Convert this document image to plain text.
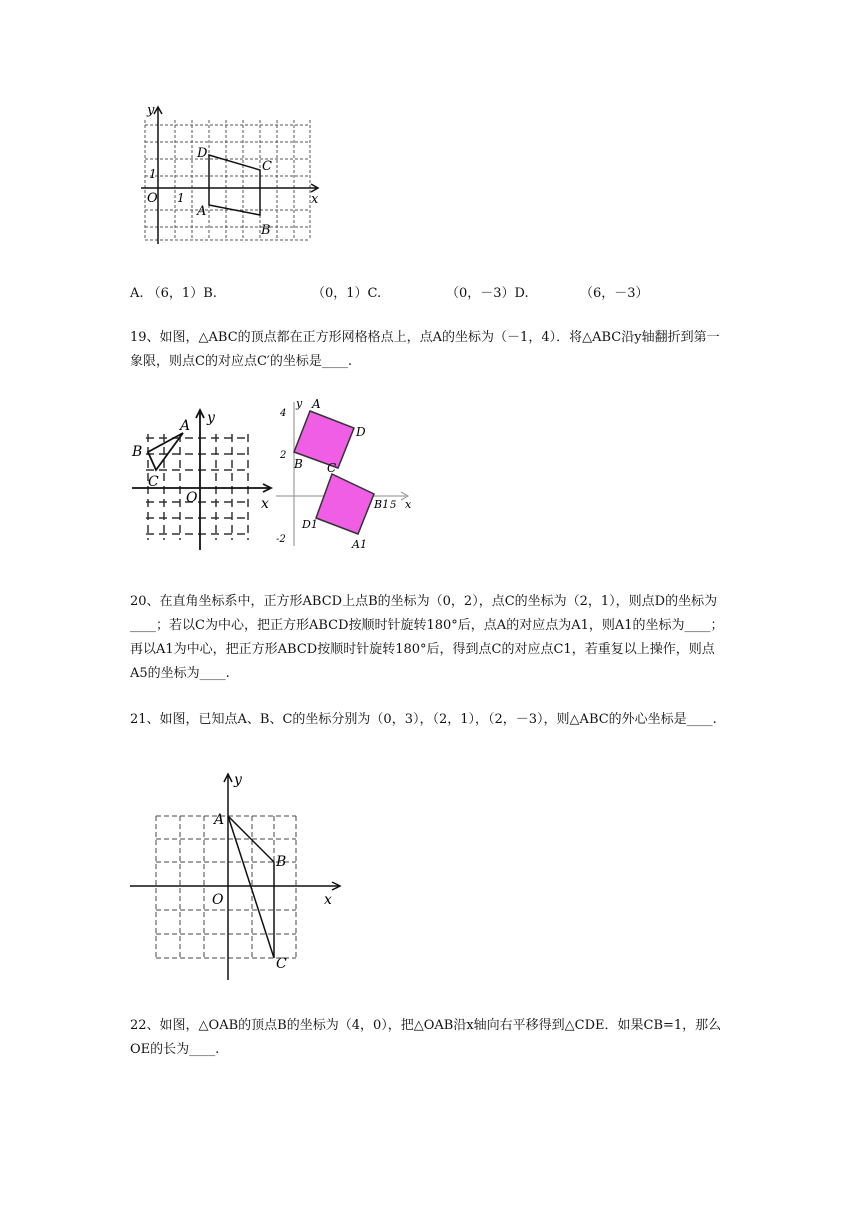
y
x
O
1
1
A
B
C
D
A. （6，1）B.	（0，1）C.	（0，－3）D.	（6，－3）
19、如图，△ABC的顶点都在正方形网格格点上，点A的坐标为（－1，4）．将△ABC沿y轴翻折到第一象限，则点C的对应点C′的坐标是____.
y
x
O
A
B
C
y
x
4
2
-2
5
A
D
B C
B1
D1
A1
20、在直角坐标系中，正方形ABCD上点B的坐标为（0，2），点C的坐标为（2，1），则点D的坐标为____；若以C为中心，把正方形ABCD按顺时针旋转180°后，点A的对应点为A1，则A1的坐标为____；再以A1为中心，把正方形ABCD按顺时针旋转180°后，得到点C的对应点C1，若重复以上操作，则点A5的坐标为____.
21、如图，已知点A、B、C的坐标分别为（0，3），（2，1），（2，－3），则△ABC的外心坐标是____.
y
x
O
A
B
C
22、如图，△OAB的顶点B的坐标为（4，0），把△OAB沿x轴向右平移得到△CDE．如果CB=1，那么OE的长为____.
